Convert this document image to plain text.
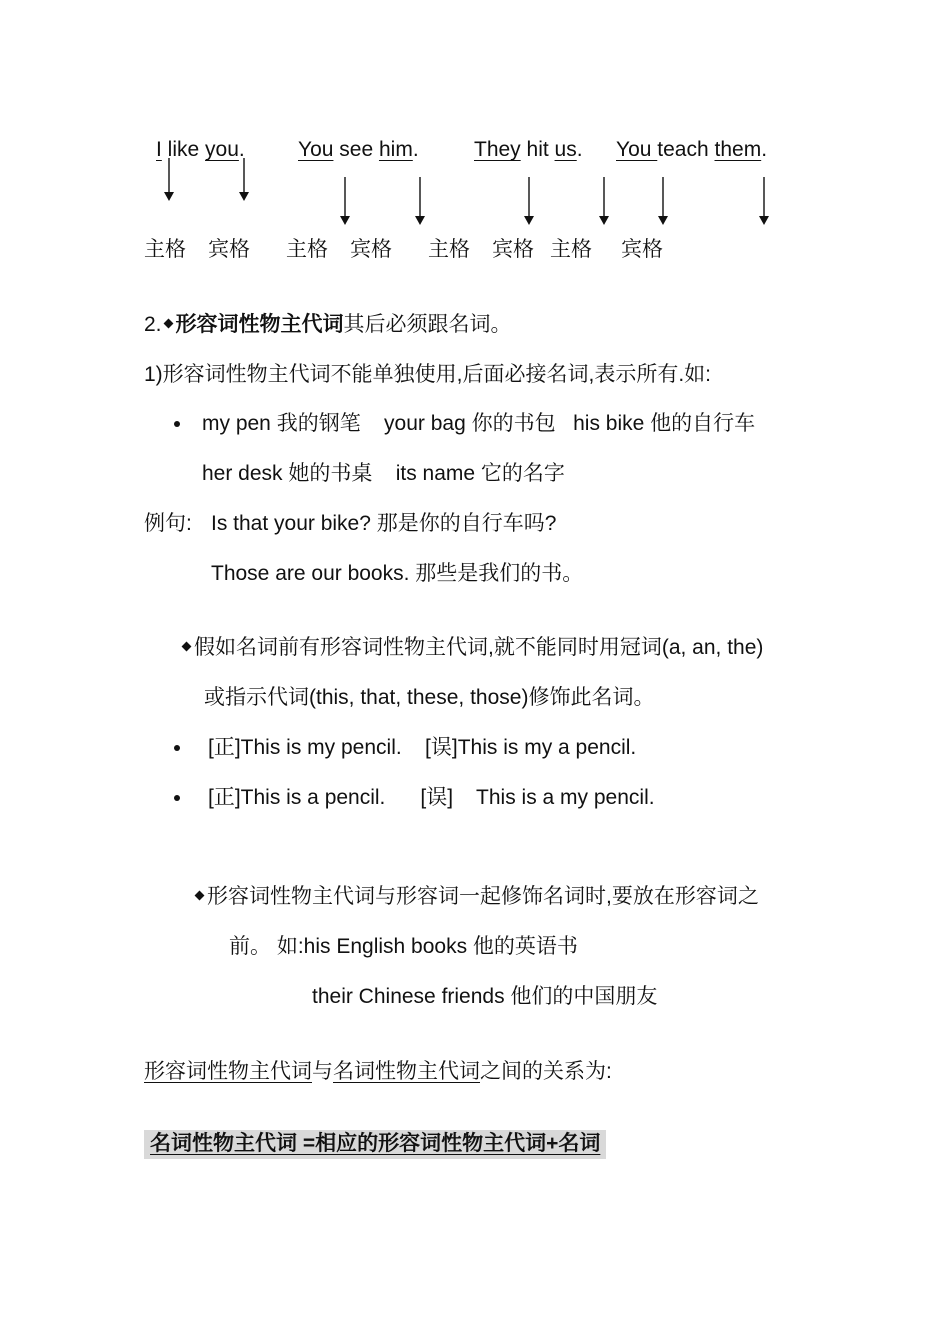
I like you.	You see him.	They hit us. You teach them.
主格 宾格 主格 宾格 主格 宾格 主格 宾格
2. 形容词性物主代词其后必须跟名词。
1)形容词性物主代词不能单独使用,后面必接名词,表示所有.如:
my pen 我的钢笔    your bag 你的书包   his bike 他的自行车
her desk 她的书桌    its name 它的名字
例句: Is that your bike? 那是你的自行车吗?
Those are our books. 那些是我们的书。
假如名词前有形容词性物主代词,就不能同时用冠词(a, an, the)
或指示代词(this, that, these, those)修饰此名词。
[正]This is my pencil.    [误]This is my a pencil.
[正]This is a pencil.      [误]    This is a my pencil.
形容词性物主代词与形容词一起修饰名词时,要放在形容词之
前。 如:his English books 他的英语书
their Chinese friends 他们的中国朋友
形容词性物主代词与名词性物主代词之间的关系为:
名词性物主代词 =相应的形容词性物主代词+名词
